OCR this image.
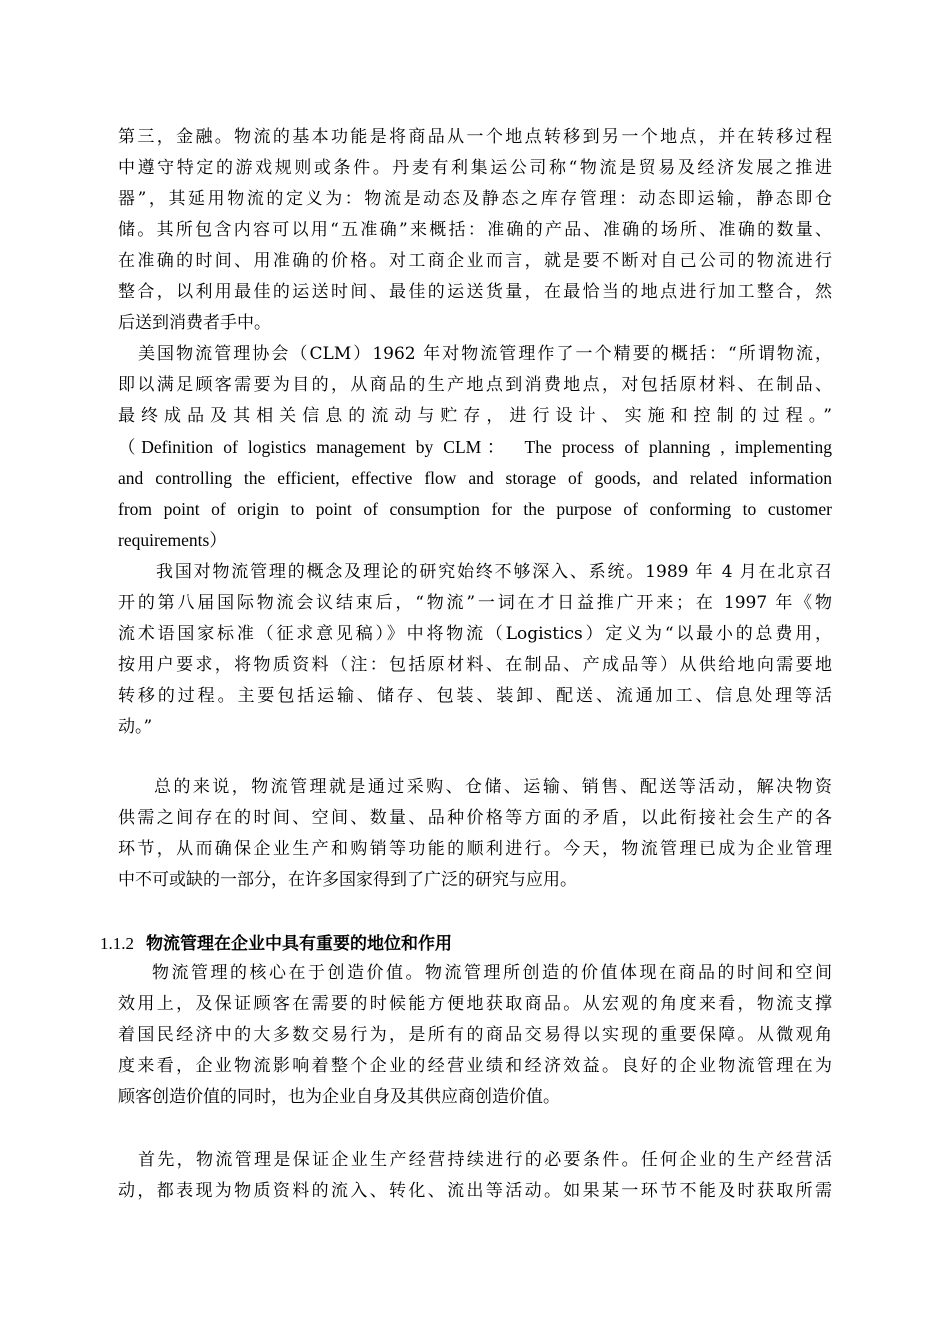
第三，金融。物流的基本功能是将商品从一个地点转移到另一个地点，并在转移过程
中遵守特定的游戏规则或条件。丹麦有利集运公司称“物流是贸易及经济发展之推进
器”，其延用物流的定义为：物流是动态及静态之库存管理：动态即运输，静态即仓
储。其所包含内容可以用“五准确”来概括：准确的产品、准确的场所、准确的数量、
在准确的时间、用准确的价格。对工商企业而言，就是要不断对自己公司的物流进行
整合，以利用最佳的运送时间、最佳的运送货量，在最恰当的地点进行加工整合，然
后送到消费者手中。
美国物流管理协会（CLM）1962 年对物流管理作了一个精要的概括：“所谓物流，
即以满足顾客需要为目的，从商品的生产地点到消费地点，对包括原材料、在制品、
最终成品及其相关信息的流动与贮存，进行设计、实施和控制的过程。”
（Definition of logistics management by CLM：　The process of planning , implementing
and controlling the efficient, effective flow and storage of goods, and related information
from point of origin to point of consumption for the purpose of conforming to customer
requirements）
我国对物流管理的概念及理论的研究始终不够深入、系统。1989 年 4 月在北京召
开的第八届国际物流会议结束后，“物流”一词在才日益推广开来；在 1997 年《物
流术语国家标准（征求意见稿）》中将物流（Logistics）定义为“以最小的总费用，
按用户要求，将物质资料（注：包括原材料、在制品、产成品等）从供给地向需要地
转移的过程。主要包括运输、储存、包装、装卸、配送、流通加工、信息处理等活
动。”
总的来说，物流管理就是通过采购、仓储、运输、销售、配送等活动，解决物资
供需之间存在的时间、空间、数量、品种价格等方面的矛盾，以此衔接社会生产的各
环节，从而确保企业生产和购销等功能的顺利进行。今天，物流管理已成为企业管理
中不可或缺的一部分，在许多国家得到了广泛的研究与应用。
1.1.2 物流管理在企业中具有重要的地位和作用
物流管理的核心在于创造价值。物流管理所创造的价值体现在商品的时间和空间
效用上，及保证顾客在需要的时候能方便地获取商品。从宏观的角度来看，物流支撑
着国民经济中的大多数交易行为，是所有的商品交易得以实现的重要保障。从微观角
度来看，企业物流影响着整个企业的经营业绩和经济效益。良好的企业物流管理在为
顾客创造价值的同时，也为企业自身及其供应商创造价值。
首先，物流管理是保证企业生产经营持续进行的必要条件。任何企业的生产经营活
动，都表现为物质资料的流入、转化、流出等活动。如果某一环节不能及时获取所需
